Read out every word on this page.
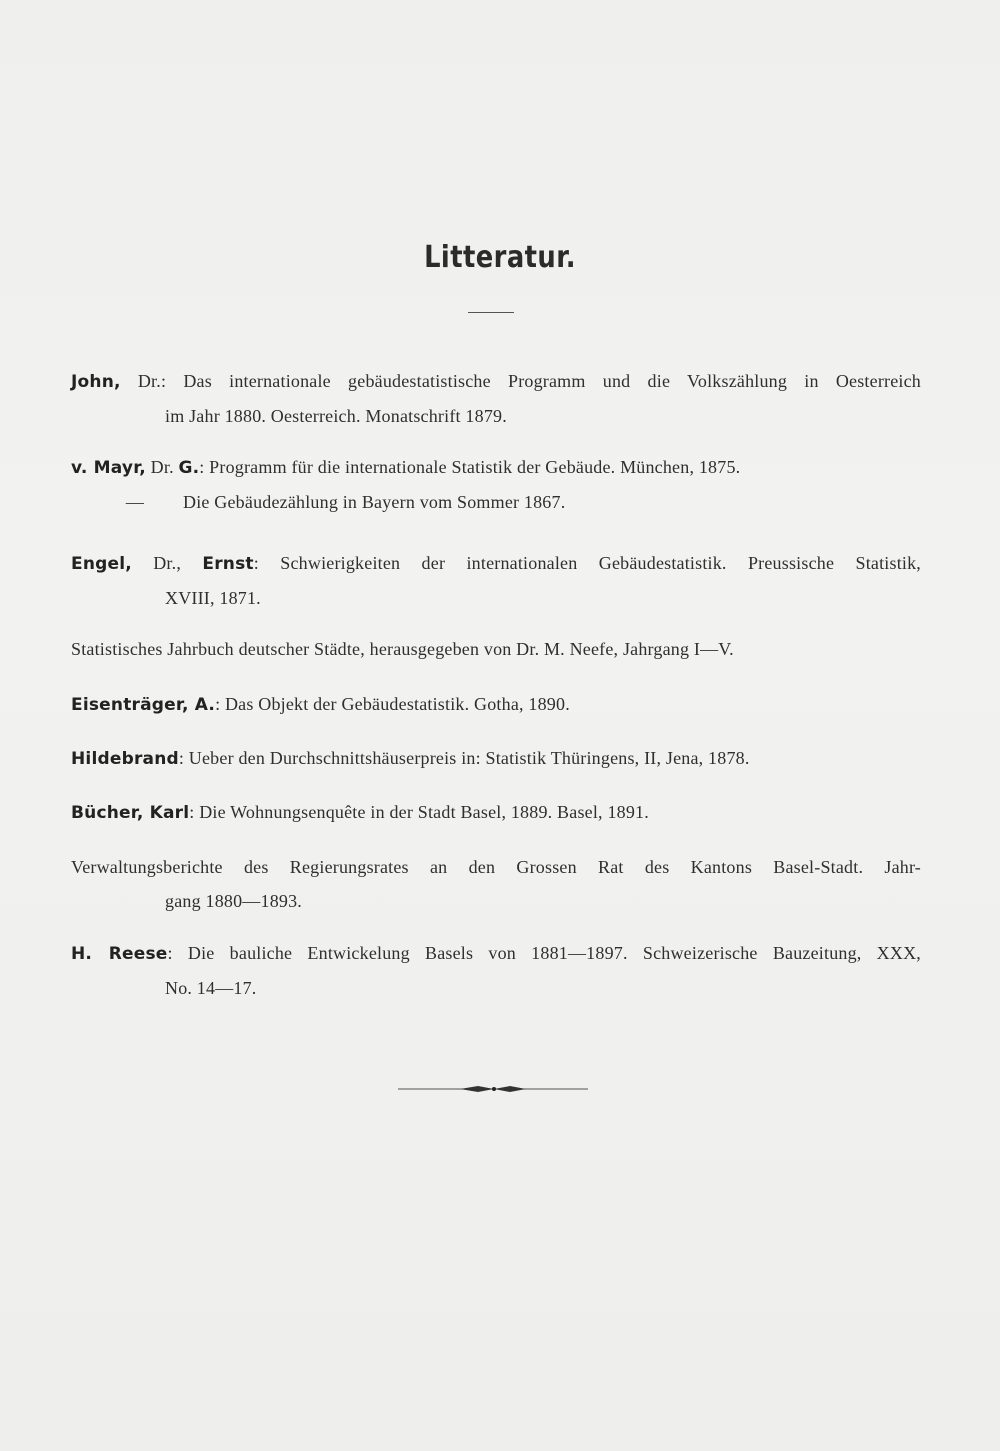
Litteratur.
John, Dr.: Das internationale gebäudestatistische Programm und die Volkszählung in Oesterreich
im Jahr 1880. Oesterreich. Monatschrift 1879.
v. Mayr, Dr. G.: Programm für die internationale Statistik der Gebäude. München, 1875.
— Die Gebäudezählung in Bayern vom Sommer 1867.
Engel, Dr., Ernst: Schwierigkeiten der internationalen Gebäudestatistik. Preussische Statistik,
XVIII, 1871.
Statistisches Jahrbuch deutscher Städte, herausgegeben von Dr. M. Neefe, Jahrgang I—V.
Eisenträger, A.: Das Objekt der Gebäudestatistik. Gotha, 1890.
Hildebrand: Ueber den Durchschnittshäuserpreis in: Statistik Thüringens, II, Jena, 1878.
Bücher, Karl: Die Wohnungsenquête in der Stadt Basel, 1889. Basel, 1891.
Verwaltungsberichte des Regierungsrates an den Grossen Rat des Kantons Basel-Stadt. Jahr-
gang 1880—1893.
H. Reese: Die bauliche Entwickelung Basels von 1881—1897. Schweizerische Bauzeitung, XXX,
No. 14—17.
